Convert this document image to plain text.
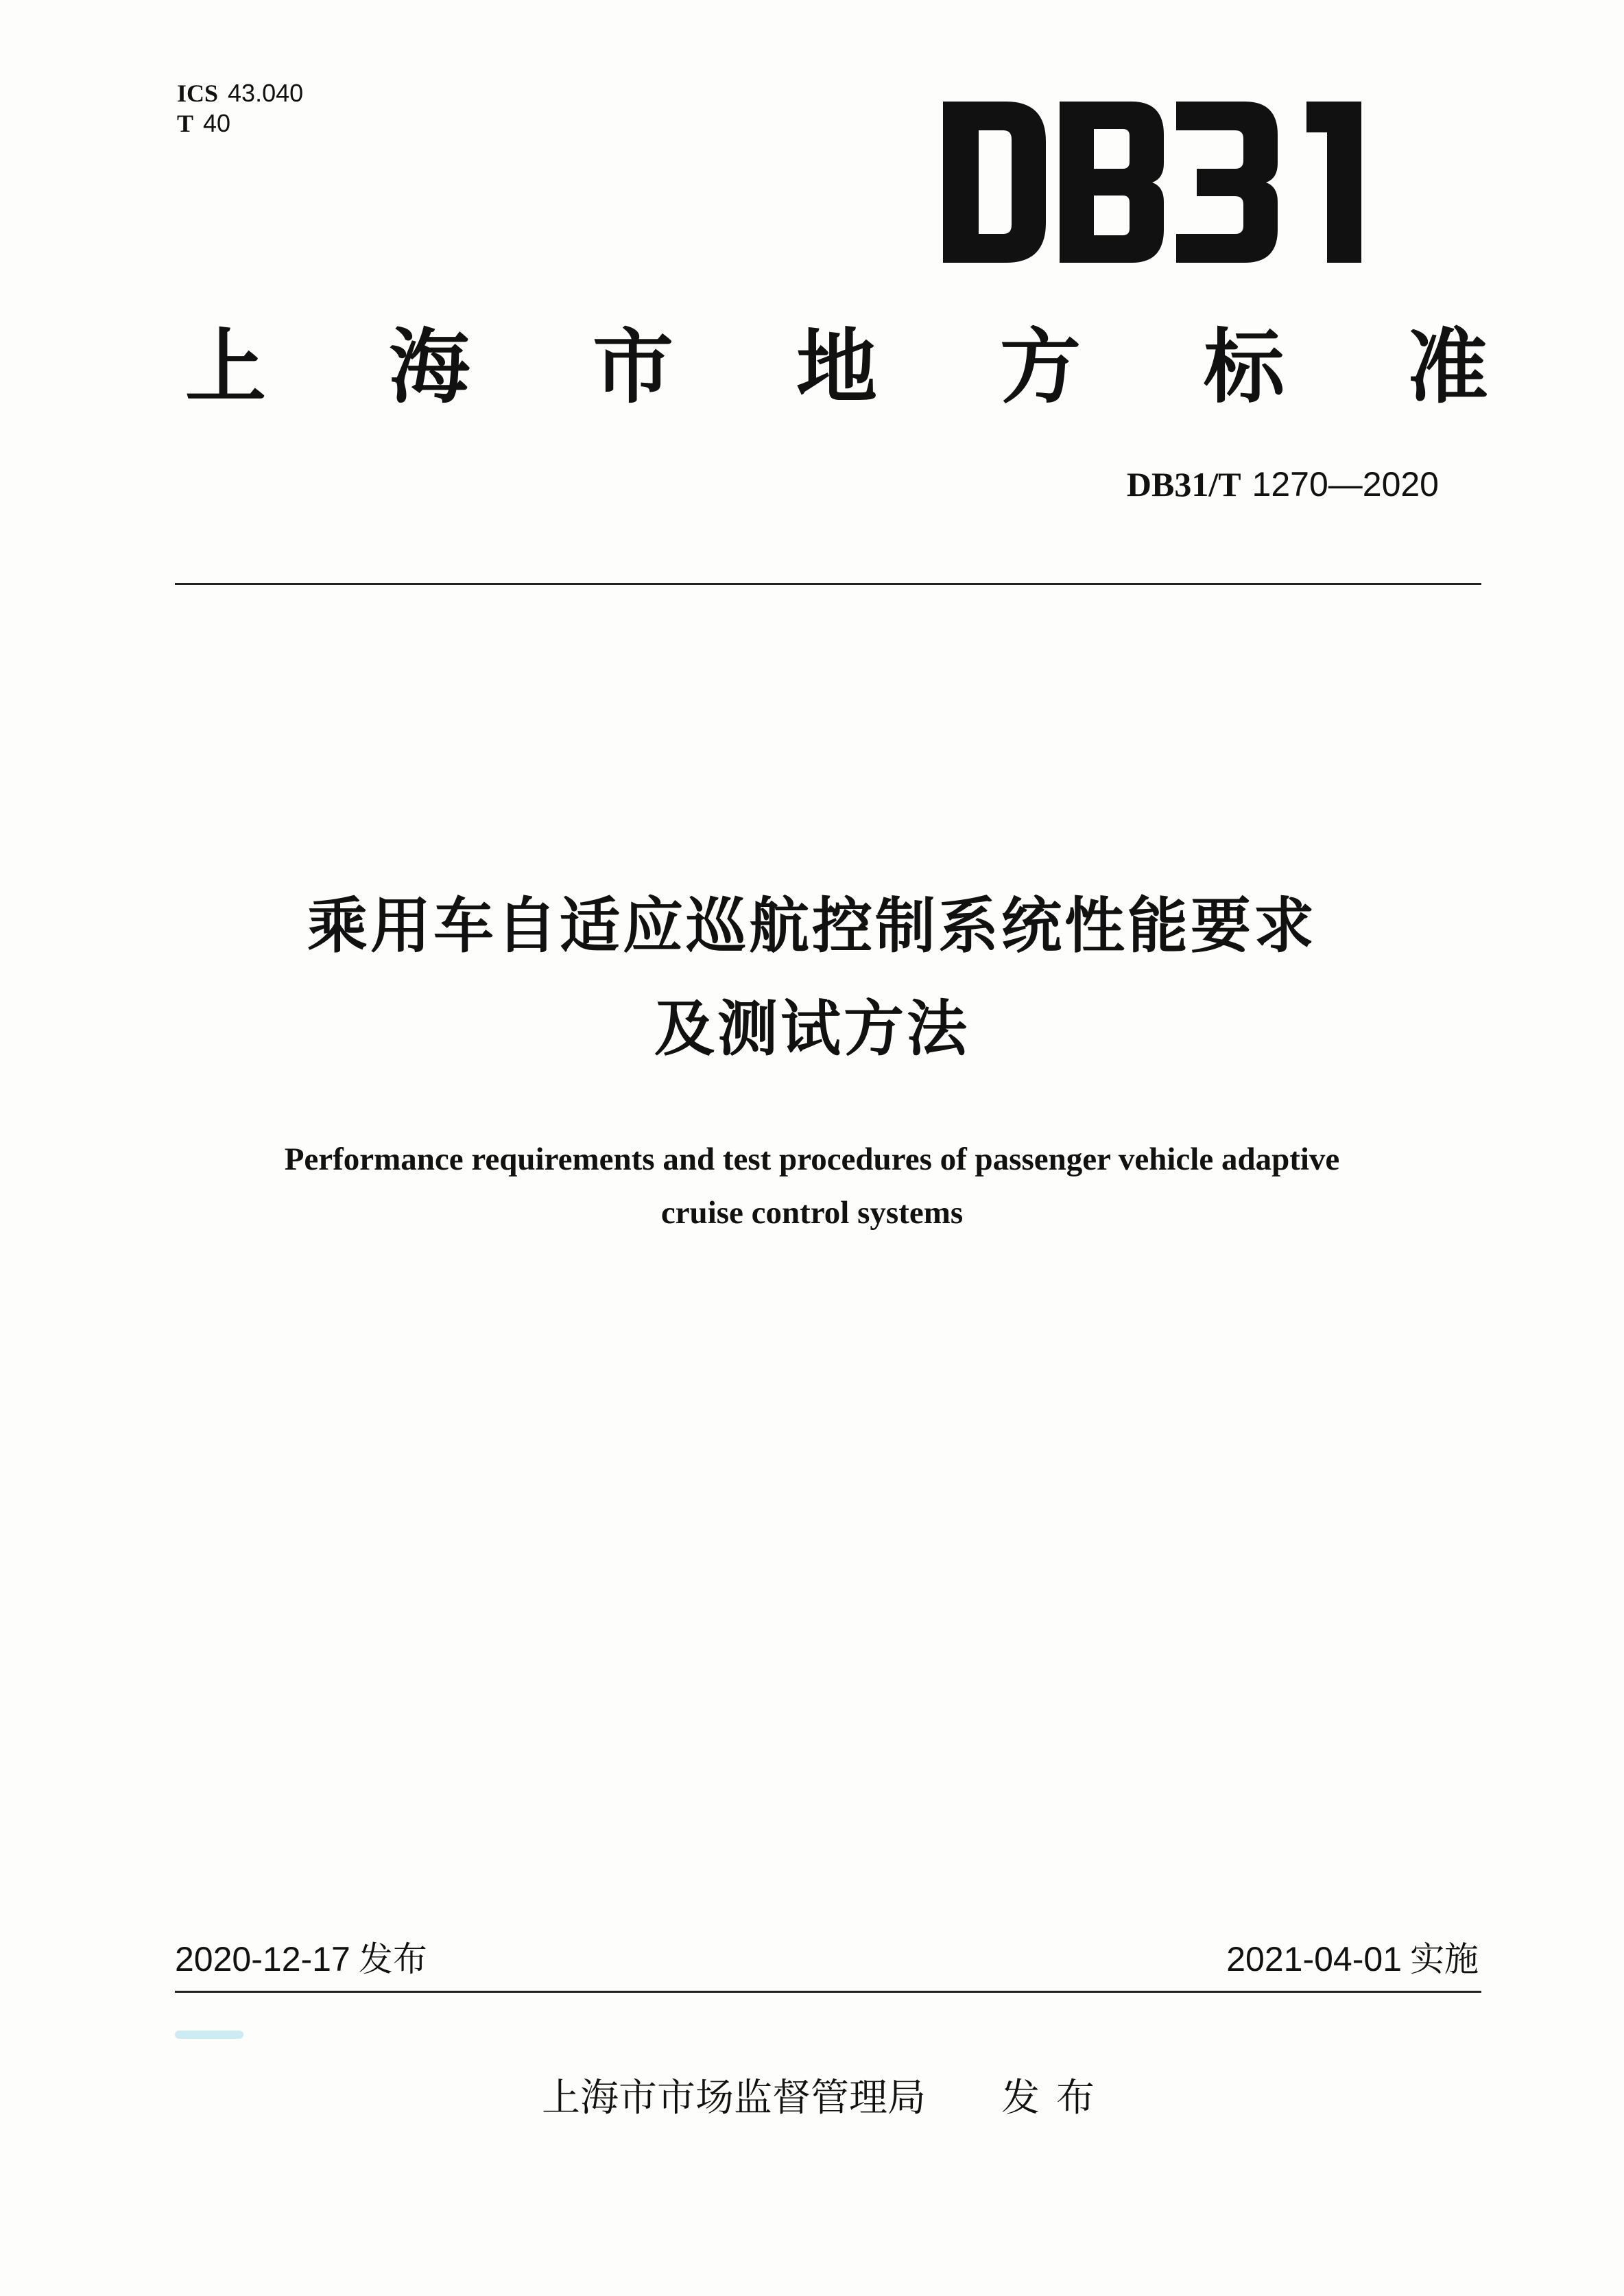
ICS 43.040
T 40
上 海 市 地 方 标 准
DB31/T 1270—2020
乘用车自适应巡航控制系统性能要求
及测试方法
Performance requirements and test procedures of passenger vehicle adaptive
cruise control systems
2020-12-17 发布	2021-04-01 实施
上海市市场监督管理局 发布
